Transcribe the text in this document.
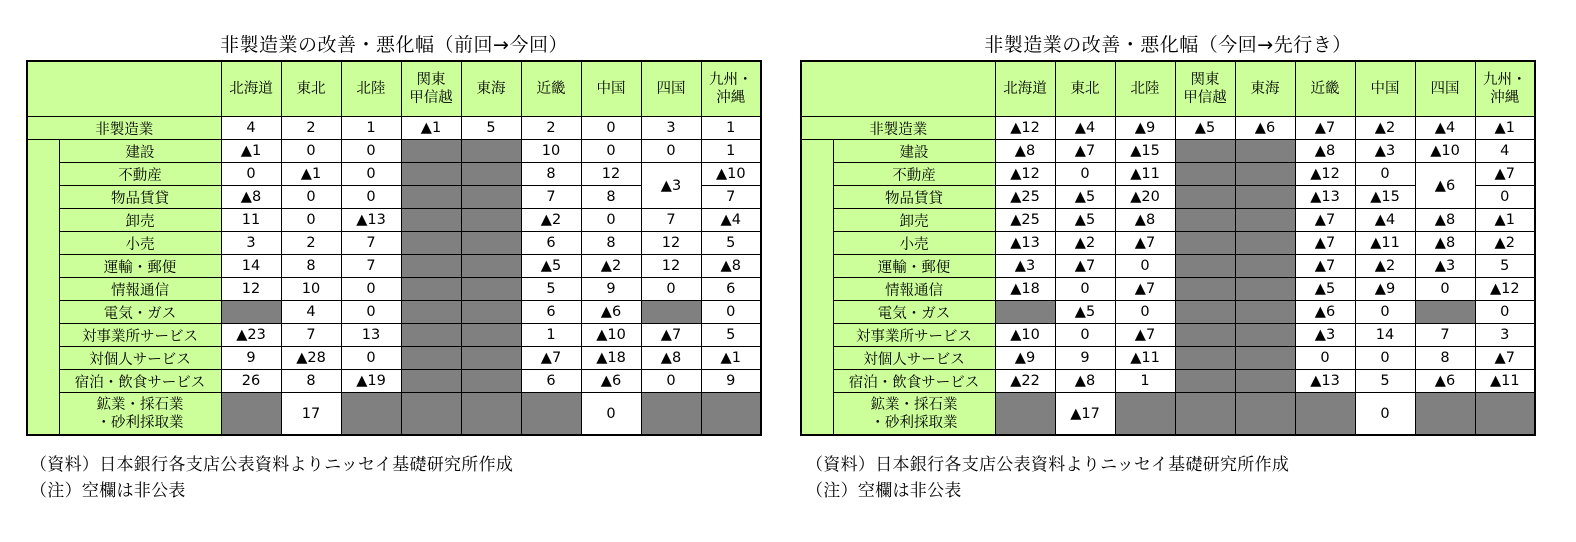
非製造業の改善・悪化幅（前回→今回）
		北海道	東北	北陸	関東
甲信越	東海	近畿	中国	四国	九州・
沖縄
非製造業		4	2	1	▲1	5	2	0	3	1
	建設	▲1	0	0			10	0	0	1
	不動産	0	▲1	0			8	12	▲3	▲10
	物品賃貸	▲8	0	0			7	8		7
	卸売	11	0	▲13			▲2	0	7	▲4
	小売	3	2	7			6	8	12	5
	運輸・郵便	14	8	7			▲5	▲2	12	▲8
	情報通信	12	10	0			5	9	0	6
	電気・ガス		4	0			6	▲6		0
	対事業所サービス	▲23	7	13			1	▲10	▲7	5
	対個人サービス	9	▲28	0			▲7	▲18	▲8	▲1
	宿泊・飲食サービス	26	8	▲19			6	▲6	0	9
	鉱業・採石業
・砂利採取業		17					0		
非製造業の改善・悪化幅（今回→先行き）
		北海道	東北	北陸	関東
甲信越	東海	近畿	中国	四国	九州・
沖縄
非製造業		▲12	▲4	▲9	▲5	▲6	▲7	▲2	▲4	▲1
	建設	▲8	▲7	▲15			▲8	▲3	▲10	4
	不動産	▲12	0	▲11			▲12	0	▲6	▲7
	物品賃貸	▲25	▲5	▲20			▲13	▲15		0
	卸売	▲25	▲5	▲8			▲7	▲4	▲8	▲1
	小売	▲13	▲2	▲7			▲7	▲11	▲8	▲2
	運輸・郵便	▲3	▲7	0			▲7	▲2	▲3	5
	情報通信	▲18	0	▲7			▲5	▲9	0	▲12
	電気・ガス		▲5	0			▲6	0		0
	対事業所サービス	▲10	0	▲7			▲3	14	7	3
	対個人サービス	▲9	9	▲11			0	0	8	▲7
	宿泊・飲食サービス	▲22	▲8	1			▲13	5	▲6	▲11
	鉱業・採石業
・砂利採取業		▲17					0		
（資料）日本銀行各支店公表資料よりニッセイ基礎研究所作成
（注）空欄は非公表
（資料）日本銀行各支店公表資料よりニッセイ基礎研究所作成
（注）空欄は非公表
